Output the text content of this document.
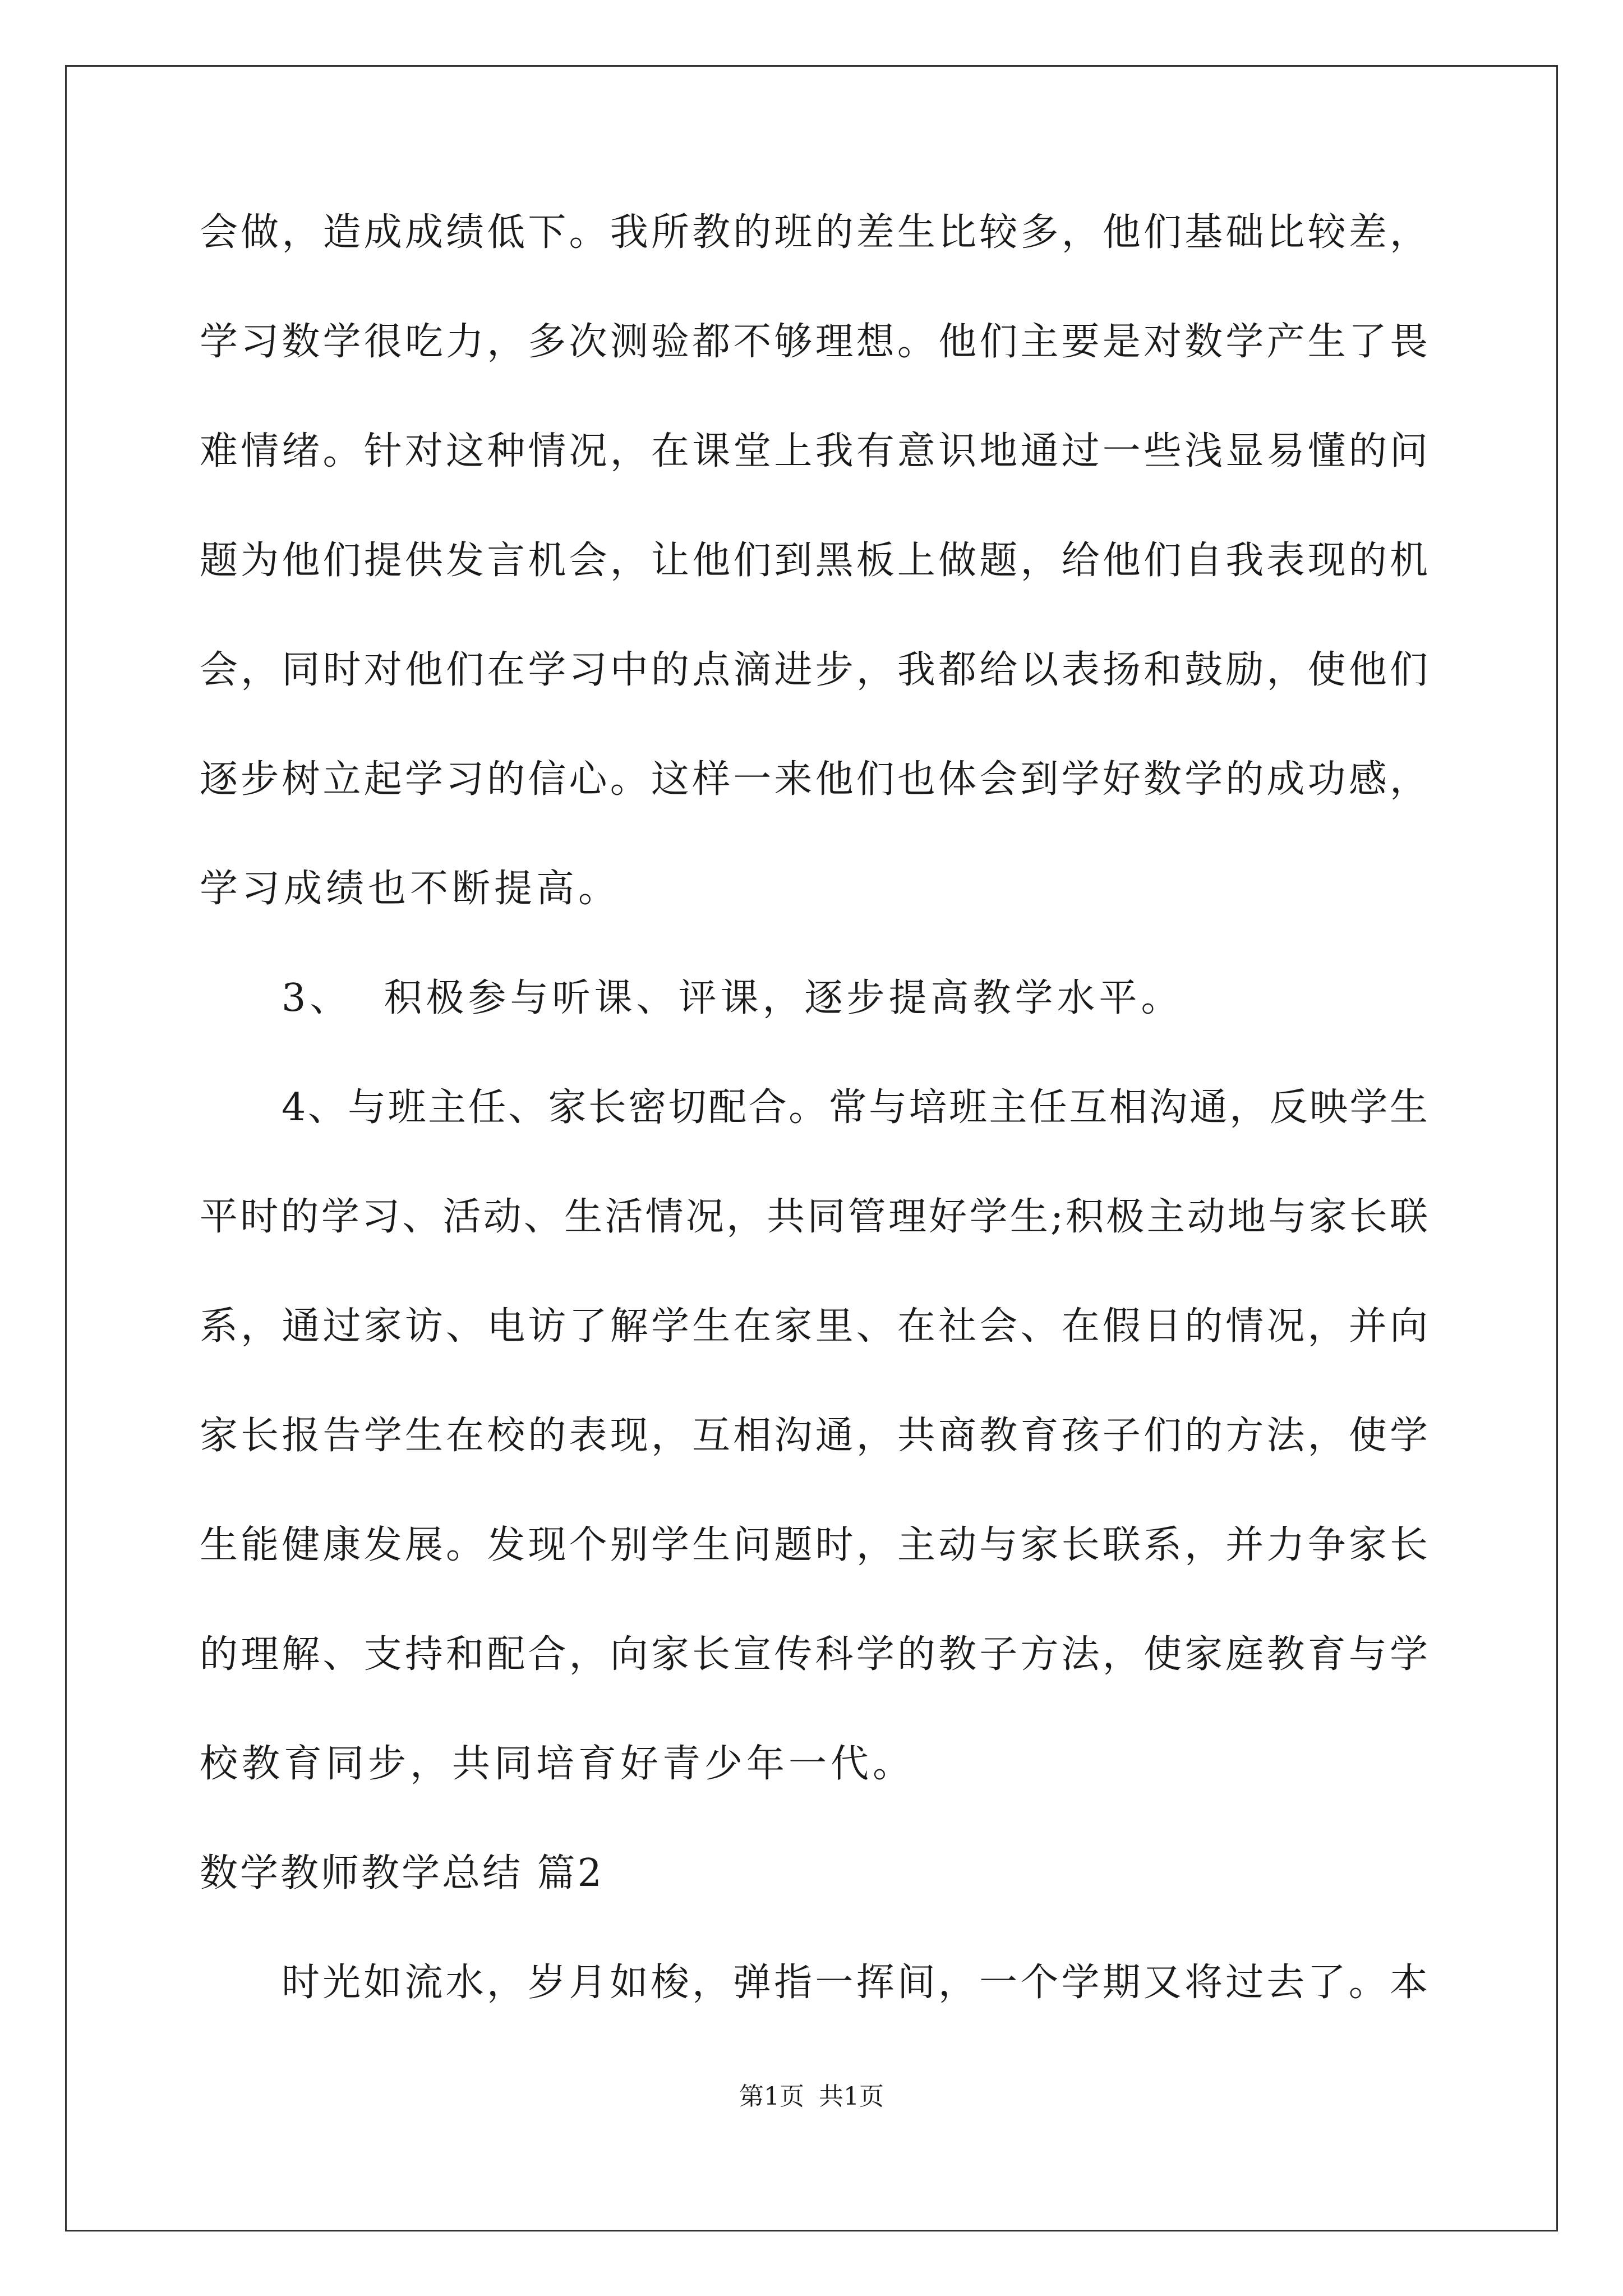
会做，造成成绩低下。我所教的班的差生比较多，他们基础比较差，
学习数学很吃力，多次测验都不够理想。他们主要是对数学产生了畏
难情绪。针对这种情况，在课堂上我有意识地通过一些浅显易懂的问
题为他们提供发言机会，让他们到黑板上做题，给他们自我表现的机
会，同时对他们在学习中的点滴进步，我都给以表扬和鼓励，使他们
逐步树立起学习的信心。这样一来他们也体会到学好数学的成功感，
学习成绩也不断提高。
3、  积极参与听课、评课，逐步提高教学水平。
4、与班主任、家长密切配合。常与培班主任互相沟通，反映学生
平时的学习、活动、生活情况，共同管理好学生;积极主动地与家长联
系，通过家访、电访了解学生在家里、在社会、在假日的情况，并向
家长报告学生在校的表现，互相沟通，共商教育孩子们的方法，使学
生能健康发展。发现个别学生问题时，主动与家长联系，并力争家长
的理解、支持和配合，向家长宣传科学的教子方法，使家庭教育与学
校教育同步，共同培育好青少年一代。
数学教师教学总结 篇2
时光如流水，岁月如梭，弹指一挥间，一个学期又将过去了。本
第1页 共1页
